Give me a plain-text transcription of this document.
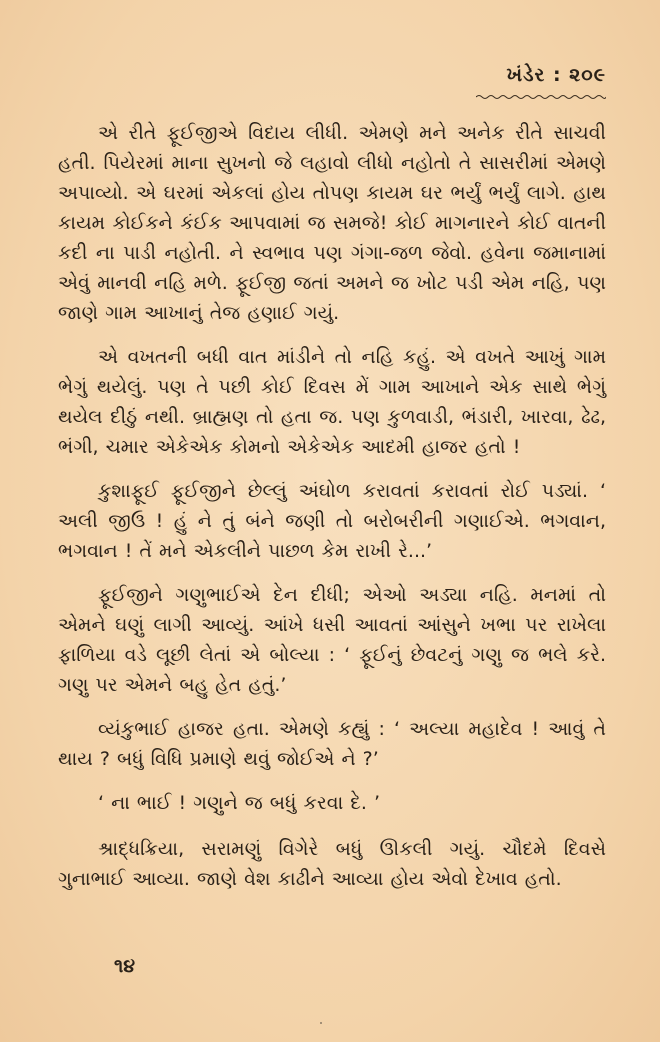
ખંડેર : ૨૦૯

એ રીતે ફૂઈજીએ વિદાય લીધી. એમણે મને અનેક રીતે સાચવી હતી. પિયેરમાં માના સુખનો જે લહાવો લીધો નહોતો તે સાસરીમાં એમણે અપાવ્યો. એ ઘરમાં એકલાં હોય તોપણ કાયમ ઘર ભર્યું ભર્યું લાગે. હાથ કાયમ કોઈકને કંઈક આપવામાં જ સમજે! કોઈ માગનારને કોઈ વાતની કદી ના પાડી નહોતી. ને સ્વભાવ પણ ગંગા-જળ જેવો. હવેના જમાનામાં એવું માનવી નહિ મળે. ફૂઈજી જતાં અમને જ ખોટ પડી એમ નહિ, પણ જાણે ગામ આખાનું તેજ હણાઈ ગયું.

એ વખતની બધી વાત માંડીને તો નહિ કહું. એ વખતે આખું ગામ ભેગું થયેલું. પણ તે પછી કોઈ દિવસ મેં ગામ આખાને એક સાથે ભેગું થયેલ દીઠું નથી. બ્રાહ્મણ તો હતા જ. પણ કુળવાડી, ભંડારી, ખારવા, ઢેઢ, ભંગી, ચમાર એકેએક કોમનો એકેએક આદમી હાજર હતો !

કુશાફૂઈ ફૂઈજીને છેલ્લું અંઘોળ કરાવતાં કરાવતાં રોઈ પડ્યાં. ‘ અલી જીઉ ! હું ને તું બંને જણી તો બરોબરીની ગણાઈએ. ભગવાન, ભગવાન ! તેં મને એકલીને પાછળ કેમ રાખી રે...’

ફૂઈજીને ગણુભાઈએ દેન દીધી; એઓ અડ્યા નહિ. મનમાં તો એમને ઘણું લાગી આવ્યું. આંખે ધસી આવતાં આંસુને ખભા પર રાખેલા ફાળિયા વડે લૂછી લેતાં એ બોલ્યા : ‘ ફૂઈનું છેવટનું ગણુ જ ભલે કરે. ગણુ પર એમને બહુ હેત હતું.’

વ્યંકુભાઈ હાજર હતા. એમણે કહ્યું : ‘ અલ્યા મહાદેવ ! આવું તે થાય ? બધું વિધિ પ્રમાણે થવું જોઈએ ને ?’

‘ ના ભાઈ ! ગણુને જ બધું કરવા દે. ’

શ્રાદ્ધક્રિયા, સરામણું વિગેરે બધું ઊકલી ગયું. ચૌદમે દિવસે ગુનાભાઈ આવ્યા. જાણે વેશ કાઢીને આવ્યા હોય એવો દેખાવ હતો.

૧૪
